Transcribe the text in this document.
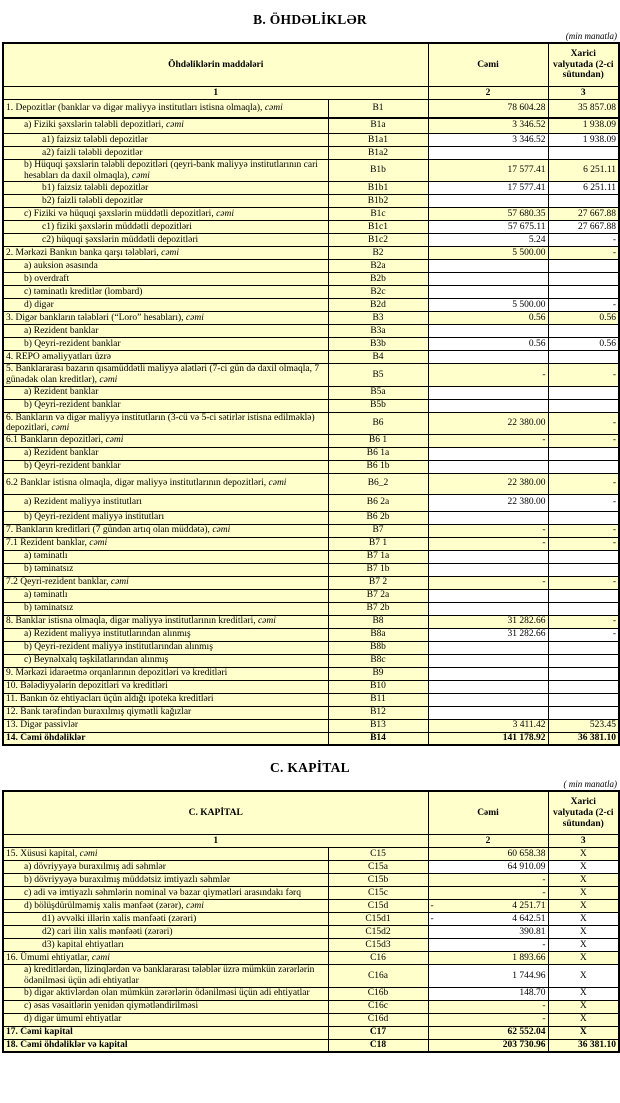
B. ÖHDƏLİKLƏR
(min manatla)
Öhdəliklərin maddələri		Cəmi	Xarici valyutada (2-ci sütundan)
1		2	3
1. Depozitlər (banklar və digər maliyyə institutları istisna olmaqla), cəmi	B1	78 604.28	35 857.08
a) Fiziki şəxslərin tələbli depozitləri, cəmi	B1a	3 346.52	1 938.09
a1) faizsiz tələbli depozitlər	B1a1	3 346.52	1 938.09
a2) faizli tələbli depozitlər	B1a2		
b) Hüquqi şəxslərin tələbli depozitləri (qeyri-bank maliyyə institutlarının cari hesabları da daxil olmaqla), cəmi	B1b	17 577.41	6 251.11
b1) faizsiz tələbli depozitlər	B1b1	17 577.41	6 251.11
b2) faizli tələbli depozitlər	B1b2		
c) Fiziki və hüquqi şəxslərin müddətli depozitləri, cəmi	B1c	57 680.35	27 667.88
c1) fiziki şəxslərin müddətli depozitləri	B1c1	57 675.11	27 667.88
c2) hüquqi şəxslərin müddətli depozitləri	B1c2	5.24	-
2. Mərkəzi Bankın banka qarşı tələbləri, cəmi	B2	5 500.00	-
a) auksion əsasında	B2a		
b) overdraft	B2b		
c) təminatlı kreditlər (lombard)	B2c		
d) digər	B2d	5 500.00	-
3. Digər bankların tələbləri (“Loro” hesabları), cəmi	B3	0.56	0.56
a) Rezident banklar	B3a		
b) Qeyri-rezident banklar	B3b	0.56	0.56
4. REPO əməliyyatları üzrə	B4		
5. Banklararası bazarın qısamüddətli maliyyə alətləri (7-ci gün də daxil olmaqla, 7 günədək olan kreditlər), cəmi	B5	-	-
a) Rezident banklar	B5a		
b) Qeyri-rezident banklar	B5b		
6. Bankların və digər maliyyə institutların (3-cü və 5-ci sətirlər istisna edilməklə) depozitləri, cəmi	B6	22 380.00	-
6.1 Bankların depozitləri, cəmi	B6 1	-	-
a) Rezident banklar	B6 1a		
b) Qeyri-rezident banklar	B6 1b		
6.2 Banklar istisna olmaqla, digər maliyyə institutlarının depozitləri, cəmi	B6_2	22 380.00	-
a) Rezident maliyyə institutları	B6 2a	22 380.00	-
b) Qeyri-rezident maliyyə institutları	B6 2b		
7. Bankların kreditləri (7 gündən artıq olan müddətə), cəmi	B7	-	-
7.1 Rezident banklar, cəmi	B7 1	-	-
a) təminatlı	B7 1a		
b) təminatsız	B7 1b		
7.2 Qeyri-rezident banklar, cəmi	B7 2	-	-
a) təminatlı	B7 2a		
b) təminatsız	B7 2b		
8. Banklar istisna olmaqla, digər maliyyə institutlarının kreditləri, cəmi	B8	31 282.66	-
a) Rezident maliyyə institutlarından alınmış	B8a	31 282.66	-
b) Qeyri-rezident maliyyə institutlarından alınmış	B8b		
c) Beynəlxalq təşkilatlarından alınmış	B8c		
9. Mərkəzi idarəetmə orqanlarının depozitləri və kreditləri	B9		
10. Bələdiyyələrin depozitləri və kreditləri	B10		
11. Bankın öz ehtiyacları üçün aldığı ipoteka kreditləri	B11		
12. Bank tərəfindən buraxılmış qiymətli kağızlar	B12		
13. Digər passivlər	B13	3 411.42	523.45
14. Cəmi öhdəliklər	B14	141 178.92	36 381.10
C. KAPİTAL
( min manatla)
C. KAPİTAL		Cəmi	Xarici valyutada (2-ci sütundan)
1		2	3
15. Xüsusi kapital, cəmi	C15	60 658.38	X
a) dövriyyəyə buraxılmış adi səhmlər	C15a	64 910.09	X
b) dövriyyəyə buraxılmış müddətsiz imtiyazlı səhmlər	C15b	-	X
c) adi və imtiyazlı səhmlərin nominal və bazar qiymətləri arasındakı fərq	C15c	-	X
d) bölüşdürülməmiş xalis mənfəət (zərər), cəmi	C15d	- 4 251.71	X
d1) əvvəlki illərin xalis mənfəəti (zərəri)	C15d1	- 4 642.51	X
d2) cari ilin xalis mənfəəti (zərəri)	C15d2	390.81	X
d3) kapital ehtiyatları	C15d3	-	X
16. Ümumi ehtiyatlar, cəmi	C16	1 893.66	X
a) kreditlərdən, lizinqlərdən və banklararası tələblər üzrə mümkün zərərlərin ödənilməsi üçün adi ehtiyatlar	C16a	1 744.96	X
b) digər aktivlərdən olan mümkün zərərlərin ödənilməsi üçün adi ehtiyatlar	C16b	148.70	X
c) əsas vəsaitlərin yenidən qiymətləndirilməsi	C16c	-	X
d) digər ümumi ehtiyatlar	C16d	-	X
17. Cəmi kapital	C17	62 552.04	X
18. Cəmi öhdəliklər və kapital	C18	203 730.96	36 381.10
